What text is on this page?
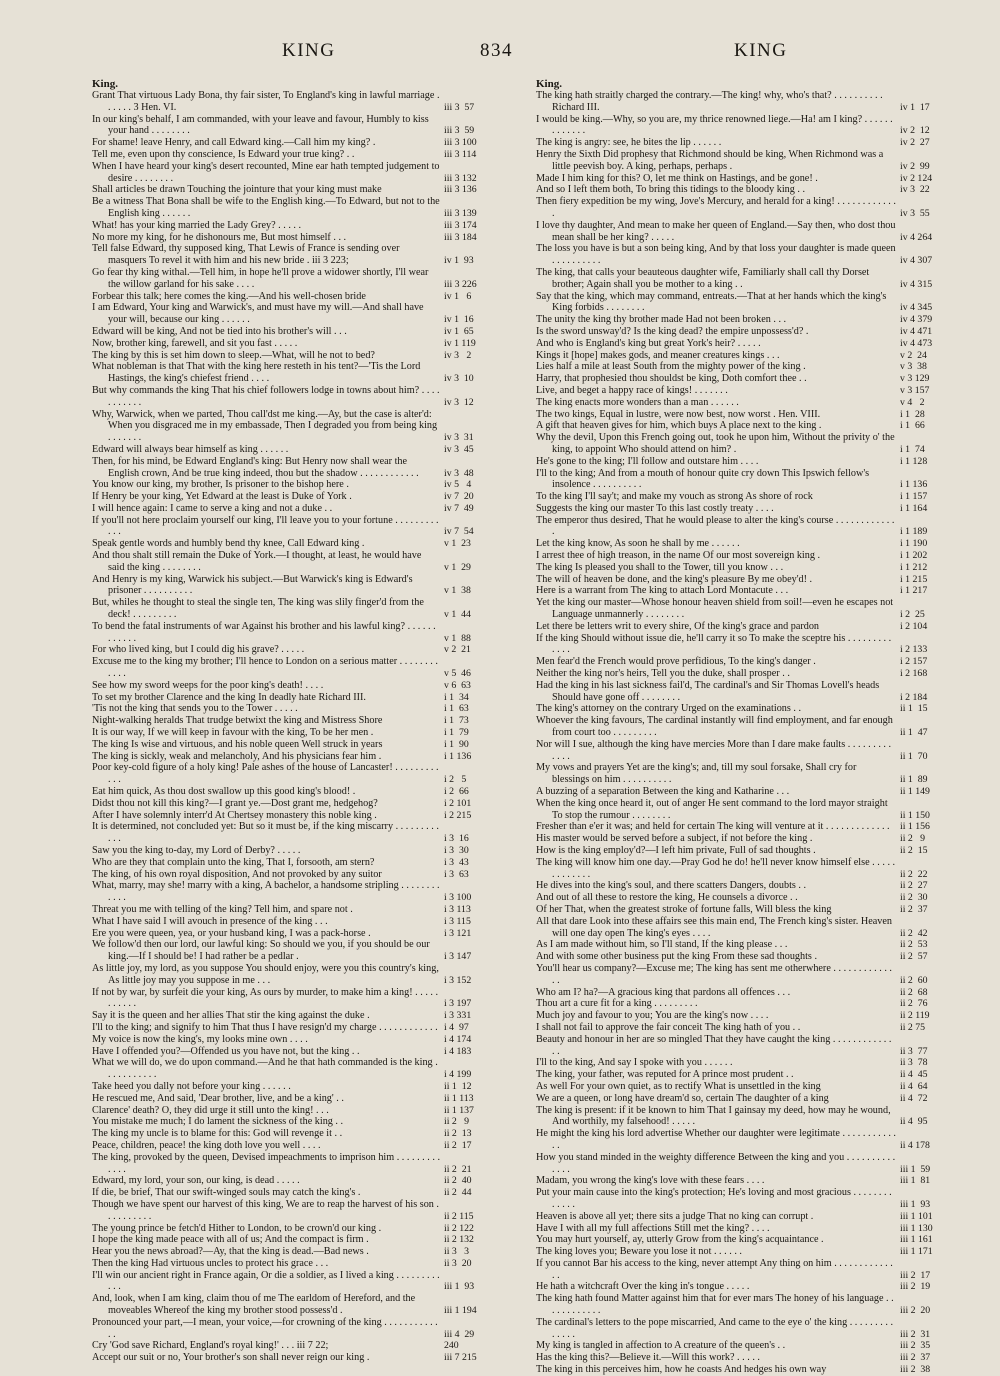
KING	834	KING

King.

Grant That virtuous Lady Bona, thy fair sister, To England's king in lawful marriage . . . . . . 3 Hen. VI.	iii 3  57
In our king's behalf, I am commanded, with your leave and favour, Humbly to kiss your hand . . . . . . . .	iii 3  59
For shame! leave Henry, and call Edward king.—Call him my king? .	iii 3 100
Tell me, even upon thy conscience, Is Edward your true king? . .	iii 3 114
When I have heard your king's desert recounted, Mine ear hath tempted judgement to desire . . . . . . . .	iii 3 132
Shall articles be drawn Touching the jointure that your king must make	iii 3 136
Be a witness That Bona shall be wife to the English king.—To Edward, but not to the English king . . . . . .	iii 3 139
What! has your king married the Lady Grey? . . . . .	iii 3 174
No more my king, for he dishonours me, But most himself . . .	iii 3 184
Tell false Edward, thy supposed king, That Lewis of France is sending over masquers To revel it with him and his new bride . iii 3 223;	iv 1  93
Go fear thy king withal.—Tell him, in hope he'll prove a widower shortly, I'll wear the willow garland for his sake . . . .	iii 3 226
Forbear this talk; here comes the king.—And his well-chosen bride	iv 1   6
I am Edward, Your king and Warwick's, and must have my will.—And shall have your will, because our king . . . . . .	iv 1  16
Edward will be king, And not be tied into his brother's will . . .	iv 1  65
Now, brother king, farewell, and sit you fast . . . . .	iv 1 119
The king by this is set him down to sleep.—What, will he not to bed?	iv 3   2
What nobleman is that That with the king here resteth in his tent?—'Tis the Lord Hastings, the king's chiefest friend . . . .	iv 3  10
But why commands the king That his chief followers lodge in towns about him? . . . . . . . . . . .	iv 3  12
Why, Warwick, when we parted, Thou call'dst me king.—Ay, but the case is alter'd: When you disgraced me in my embassade, Then I degraded you from being king . . . . . . .	iv 3  31
Edward will always bear himself as king . . . . . .	iv 3  45
Then, for his mind, be Edward England's king: But Henry now shall wear the English crown, And be true king indeed, thou but the shadow . . . . . . . . . . . .	iv 3  48
You know our king, my brother, Is prisoner to the bishop here .	iv 5   4
If Henry be your king, Yet Edward at the least is Duke of York .	iv 7  20
I will hence again: I came to serve a king and not a duke . .	iv 7  49
If you'll not here proclaim yourself our king, I'll leave you to your fortune . . . . . . . . . . . .	iv 7  54
Speak gentle words and humbly bend thy knee, Call Edward king .	v 1  23
And thou shalt still remain the Duke of York.—I thought, at least, he would have said the king . . . . . . . .	v 1  29
And Henry is my king, Warwick his subject.—But Warwick's king is Edward's prisoner . . . . . . . . . .	v 1  38
But, whiles he thought to steal the single ten, The king was slily finger'd from the deck! . . . . . . . . .	v 1  44
To bend the fatal instruments of war Against his brother and his lawful king? . . . . . . . . . . . .	v 1  88
For who lived king, but I could dig his grave? . . . . .	v 2  21
Excuse me to the king my brother; I'll hence to London on a serious matter . . . . . . . . . . . .	v 5  46
See how my sword weeps for the poor king's death! . . . .	v 6  63
To set my brother Clarence and the king In deadly hate Richard III.	i 1  34
'Tis not the king that sends you to the Tower . . . . .	i 1  63
Night-walking heralds That trudge betwixt the king and Mistress Shore	i 1  73
It is our way, If we will keep in favour with the king, To be her men .	i 1  79
The king Is wise and virtuous, and his noble queen Well struck in years	i 1  90
The king is sickly, weak and melancholy, And his physicians fear him .	i 1 136
Poor key-cold figure of a holy king! Pale ashes of the house of Lancaster! . . . . . . . . . . . .	i 2   5
Eat him quick, As thou dost swallow up this good king's blood! .	i 2  66
Didst thou not kill this king?—I grant ye.—Dost grant me, hedgehog?	i 2 101
After I have solemnly interr'd At Chertsey monastery this noble king .	i 2 215
It is determined, not concluded yet: But so it must be, if the king miscarry . . . . . . . . . . . .	i 3  16
Saw you the king to-day, my Lord of Derby? . . . . .	i 3  30
Who are they that complain unto the king, That I, forsooth, am stern?	i 3  43
The king, of his own royal disposition, And not provoked by any suitor	i 3  63
What, marry, may she! marry with a king, A bachelor, a handsome stripling . . . . . . . . . . . .	i 3 100
Threat you me with telling of the king? Tell him, and spare not .	i 3 113
What I have said I will avouch in presence of the king . . .	i 3 115
Ere you were queen, yea, or your husband king, I was a pack-horse .	i 3 121
We follow'd then our lord, our lawful king: So should we you, if you should be our king.—If I should be! I had rather be a pedlar .	i 3 147
As little joy, my lord, as you suppose You should enjoy, were you this country's king, As little joy may you suppose in me . . .	i 3 152
If not by war, by surfeit die your king, As ours by murder, to make him a king! . . . . . . . . . . .	i 3 197
Say it is the queen and her allies That stir the king against the duke .	i 3 331
I'll to the king; and signify to him That thus I have resign'd my charge . . . . . . . . . . . . i 4  97
My voice is now the king's, my looks mine own . . . .	i 4 174
Have I offended you?—Offended us you have not, but the king . .	i 4 183
What we will do, we do upon command.—And he that hath commanded is the king . . . . . . . . . . .	i 4 199
Take heed you dally not before your king . . . . . .	ii 1  12
He rescued me, And said, 'Dear brother, live, and be a king' . .	ii 1 113
Clarence' death? O, they did urge it still unto the king! . . .	ii 1 137
You mistake me much; I do lament the sickness of the king . .	ii 2   9
The king my uncle is to blame for this: God will revenge it . .	ii 2  13
Peace, children, peace! the king doth love you well . . . .	ii 2  17
The king, provoked by the queen, Devised impeachments to imprison him . . . . . . . . . . . . .	ii 2  21
Edward, my lord, your son, our king, is dead . . . . .	ii 2  40
If die, be brief, That our swift-winged souls may catch the king's .	ii 2  44
Though we have spent our harvest of this king, We are to reap the harvest of his son . . . . . . . . . .	ii 2 115
The young prince be fetch'd Hither to London, to be crown'd our king .	ii 2 122
I hope the king made peace with all of us; And the compact is firm .	ii 2 132
Hear you the news abroad?—Ay, that the king is dead.—Bad news .	ii 3   3
Then the king Had virtuous uncles to protect his grace . . .	ii 3  20
I'll win our ancient right in France again, Or die a soldier, as I lived a king . . . . . . . . . . . .	iii 1  93
And, look, when I am king, claim thou of me The earldom of Hereford, and the moveables Whereof the king my brother stood possess'd .	iii 1 194
Pronounced your part,—I mean, your voice,—for crowning of the king . . . . . . . . . . . . .	iii 4  29
Cry 'God save Richard, England's royal king!' . . . iii 7 22;	240
Accept our suit or no, Your brother's son shall never reign our king .	iii 7 215

King.

The king hath straitly charged the contrary.—The king! why, who's that? . . . . . . . . . . Richard III.	iv 1  17
I would be king.—Why, so you are, my thrice renowned liege.—Ha! am I king? . . . . . . . . . . . . .	iv 2  12
The king is angry: see, he bites the lip . . . . . .	iv 2  27
Henry the Sixth Did prophesy that Richmond should be king, When Richmond was a little peevish boy. A king, perhaps, perhaps .	iv 2  99
Made I him king for this? O, let me think on Hastings, and be gone! .	iv 2 124
And so I left them both, To bring this tidings to the bloody king . .	iv 3  22
Then fiery expedition be my wing, Jove's Mercury, and herald for a king! . . . . . . . . . . . . .	iv 3  55
I love thy daughter, And mean to make her queen of England.—Say then, who dost thou mean shall be her king? . . . . .	iv 4 264
The loss you have is but a son being king, And by that loss your daughter is made queen . . . . . . . . . .	iv 4 307
The king, that calls your beauteous daughter wife, Familiarly shall call thy Dorset brother; Again shall you be mother to a king . .	iv 4 315
Say that the king, which may command, entreats.—That at her hands which the king's King forbids . . . . . . . .	iv 4 345
The unity the king thy brother made Had not been broken . . .	iv 4 379
Is the sword unsway'd? Is the king dead? the empire unpossess'd? .	iv 4 471
And who is England's king but great York's heir? . . . . .	iv 4 473
Kings it [hope] makes gods, and meaner creatures kings . . .	v 2  24
Lies half a mile at least South from the mighty power of the king .	v 3  38
Harry, that prophesied thou shouldst be king, Doth comfort thee . .	v 3 129
Live, and beget a happy race of kings! . . . . . . .	v 3 157
The king enacts more wonders than a man . . . . . .	v 4   2
The two kings, Equal in lustre, were now best, now worst . Hen. VIII.	i 1  28
A gift that heaven gives for him, which buys A place next to the king .	i 1  66
Why the devil, Upon this French going out, took he upon him, Without the privity o' the king, to appoint Who should attend on him? .	i 1  74
He's gone to the king; I'll follow and outstare him . . . .	i 1 128
I'll to the king; And from a mouth of honour quite cry down This Ipswich fellow's insolence . . . . . . . . . .	i 1 136
To the king I'll say't; and make my vouch as strong As shore of rock	i 1 157
Suggests the king our master To this last costly treaty . . . .	i 1 164
The emperor thus desired, That he would please to alter the king's course . . . . . . . . . . . . .	i 1 189
Let the king know, As soon he shall by me . . . . . .	i 1 190
I arrest thee of high treason, in the name Of our most sovereign king .	i 1 202
The king Is pleased you shall to the Tower, till you know . . .	i 1 212
The will of heaven be done, and the king's pleasure By me obey'd! .	i 1 215
Here is a warrant from The king to attach Lord Montacute . . .	i 1 217
Yet the king our master—Whose honour heaven shield from soil!—even he escapes not Language unmannerly . . . . . . . .	i 2  25
Let there be letters writ to every shire, Of the king's grace and pardon	i 2 104
If the king Should without issue die, he'll carry it so To make the sceptre his . . . . . . . . . . . . .	i 2 133
Men fear'd the French would prove perfidious, To the king's danger .	i 2 157
Neither the king nor's heirs, Tell you the duke, shall prosper . .	i 2 168
Had the king in his last sickness fail'd, The cardinal's and Sir Thomas Lovell's heads Should have gone off . . . . . . . .	i 2 184
The king's attorney on the contrary Urged on the examinations . .	ii 1  15
Whoever the king favours, The cardinal instantly will find employment, and far enough from court too . . . . . . . . .	ii 1  47
Nor will I sue, although the king have mercies More than I dare make faults . . . . . . . . . . . . .	ii 1  70
My vows and prayers Yet are the king's; and, till my soul forsake, Shall cry for blessings on him . . . . . . . . . .	ii 1  89
A buzzing of a separation Between the king and Katharine . . .	ii 1 149
When the king once heard it, out of anger He sent command to the lord mayor straight To stop the rumour . . . . . . . .	ii 1 150
Fresher than e'er it was; and held for certain The king will venture at it . . . . . . . . . . . . .	ii 1 156
His master would be served before a subject, if not before the king .	ii 2   9
How is the king employ'd?—I left him private, Full of sad thoughts .	ii 2  15
The king will know him one day.—Pray God he do! he'll never know himself else . . . . . . . . . . . . .	ii 2  22
He dives into the king's soul, and there scatters Dangers, doubts . .	ii 2  27
And out of all these to restore the king, He counsels a divorce . .	ii 2  30
Of her That, when the greatest stroke of fortune falls, Will bless the king	ii 2  37
All that dare Look into these affairs see this main end, The French king's sister. Heaven will one day open The king's eyes . . . .	ii 2  42
As I am made without him, so I'll stand, If the king please . . .	ii 2  53
And with some other business put the king From these sad thoughts .	ii 2  57
You'll hear us company?—Excuse me; The king has sent me otherwhere . . . . . . . . . . . . . .	ii 2  60
Who am I? ha?—A gracious king that pardons all offences . . .	ii 2  68
Thou art a cure fit for a king . . . . . . . . .	ii 2  76
Much joy and favour to you; You are the king's now . . . .	ii 2 119
I shall not fail to approve the fair conceit The king hath of you . .	ii 2 75
Beauty and honour in her are so mingled That they have caught the king . . . . . . . . . . . . . .	ii 3  77
I'll to the king, And say I spoke with you . . . . . .	ii 3  78
The king, your father, was reputed for A prince most prudent . .	ii 4  45
As well For your own quiet, as to rectify What is unsettled in the king	ii 4  64
We are a queen, or long have dream'd so, certain The daughter of a king	ii 4  72
The king is present: if it be known to him That I gainsay my deed, how may he wound, And worthily, my falsehood! . . . . .	ii 4  95
He might the king his lord advertise Whether our daughter were legitimate . . . . . . . . . . . . .	ii 4 178
How you stand minded in the weighty difference Between the king and you . . . . . . . . . . . . . .	iii 1  59
Madam, you wrong the king's love with these fears . . . .	iii 1  81
Put your main cause into the king's protection; He's loving and most gracious . . . . . . . . . . . . .	iii 1  93
Heaven is above all yet; there sits a judge That no king can corrupt .	iii 1 101
Have I with all my full affections Still met the king? . . . .	iii 1 130
You may hurt yourself, ay, utterly Grow from the king's acquaintance .	iii 1 161
The king loves you; Beware you lose it not . . . . . .	iii 1 171
If you cannot Bar his access to the king, never attempt Any thing on him . . . . . . . . . . . . . .	iii 2  17
He hath a witchcraft Over the king in's tongue . . . . .	iii 2  19
The king hath found Matter against him that for ever mars The honey of his language . . . . . . . . . . . .	iii 2  20
The cardinal's letters to the pope miscarried, And came to the eye o' the king . . . . . . . . . . . . . .	iii 2  31
My king is tangled in affection to A creature of the queen's . .	iii 2  35
Has the king this?—Believe it.—Will this work? . . . . .	iii 2  37
The king in this perceives him, how he coasts And hedges his own way	iii 2  38
